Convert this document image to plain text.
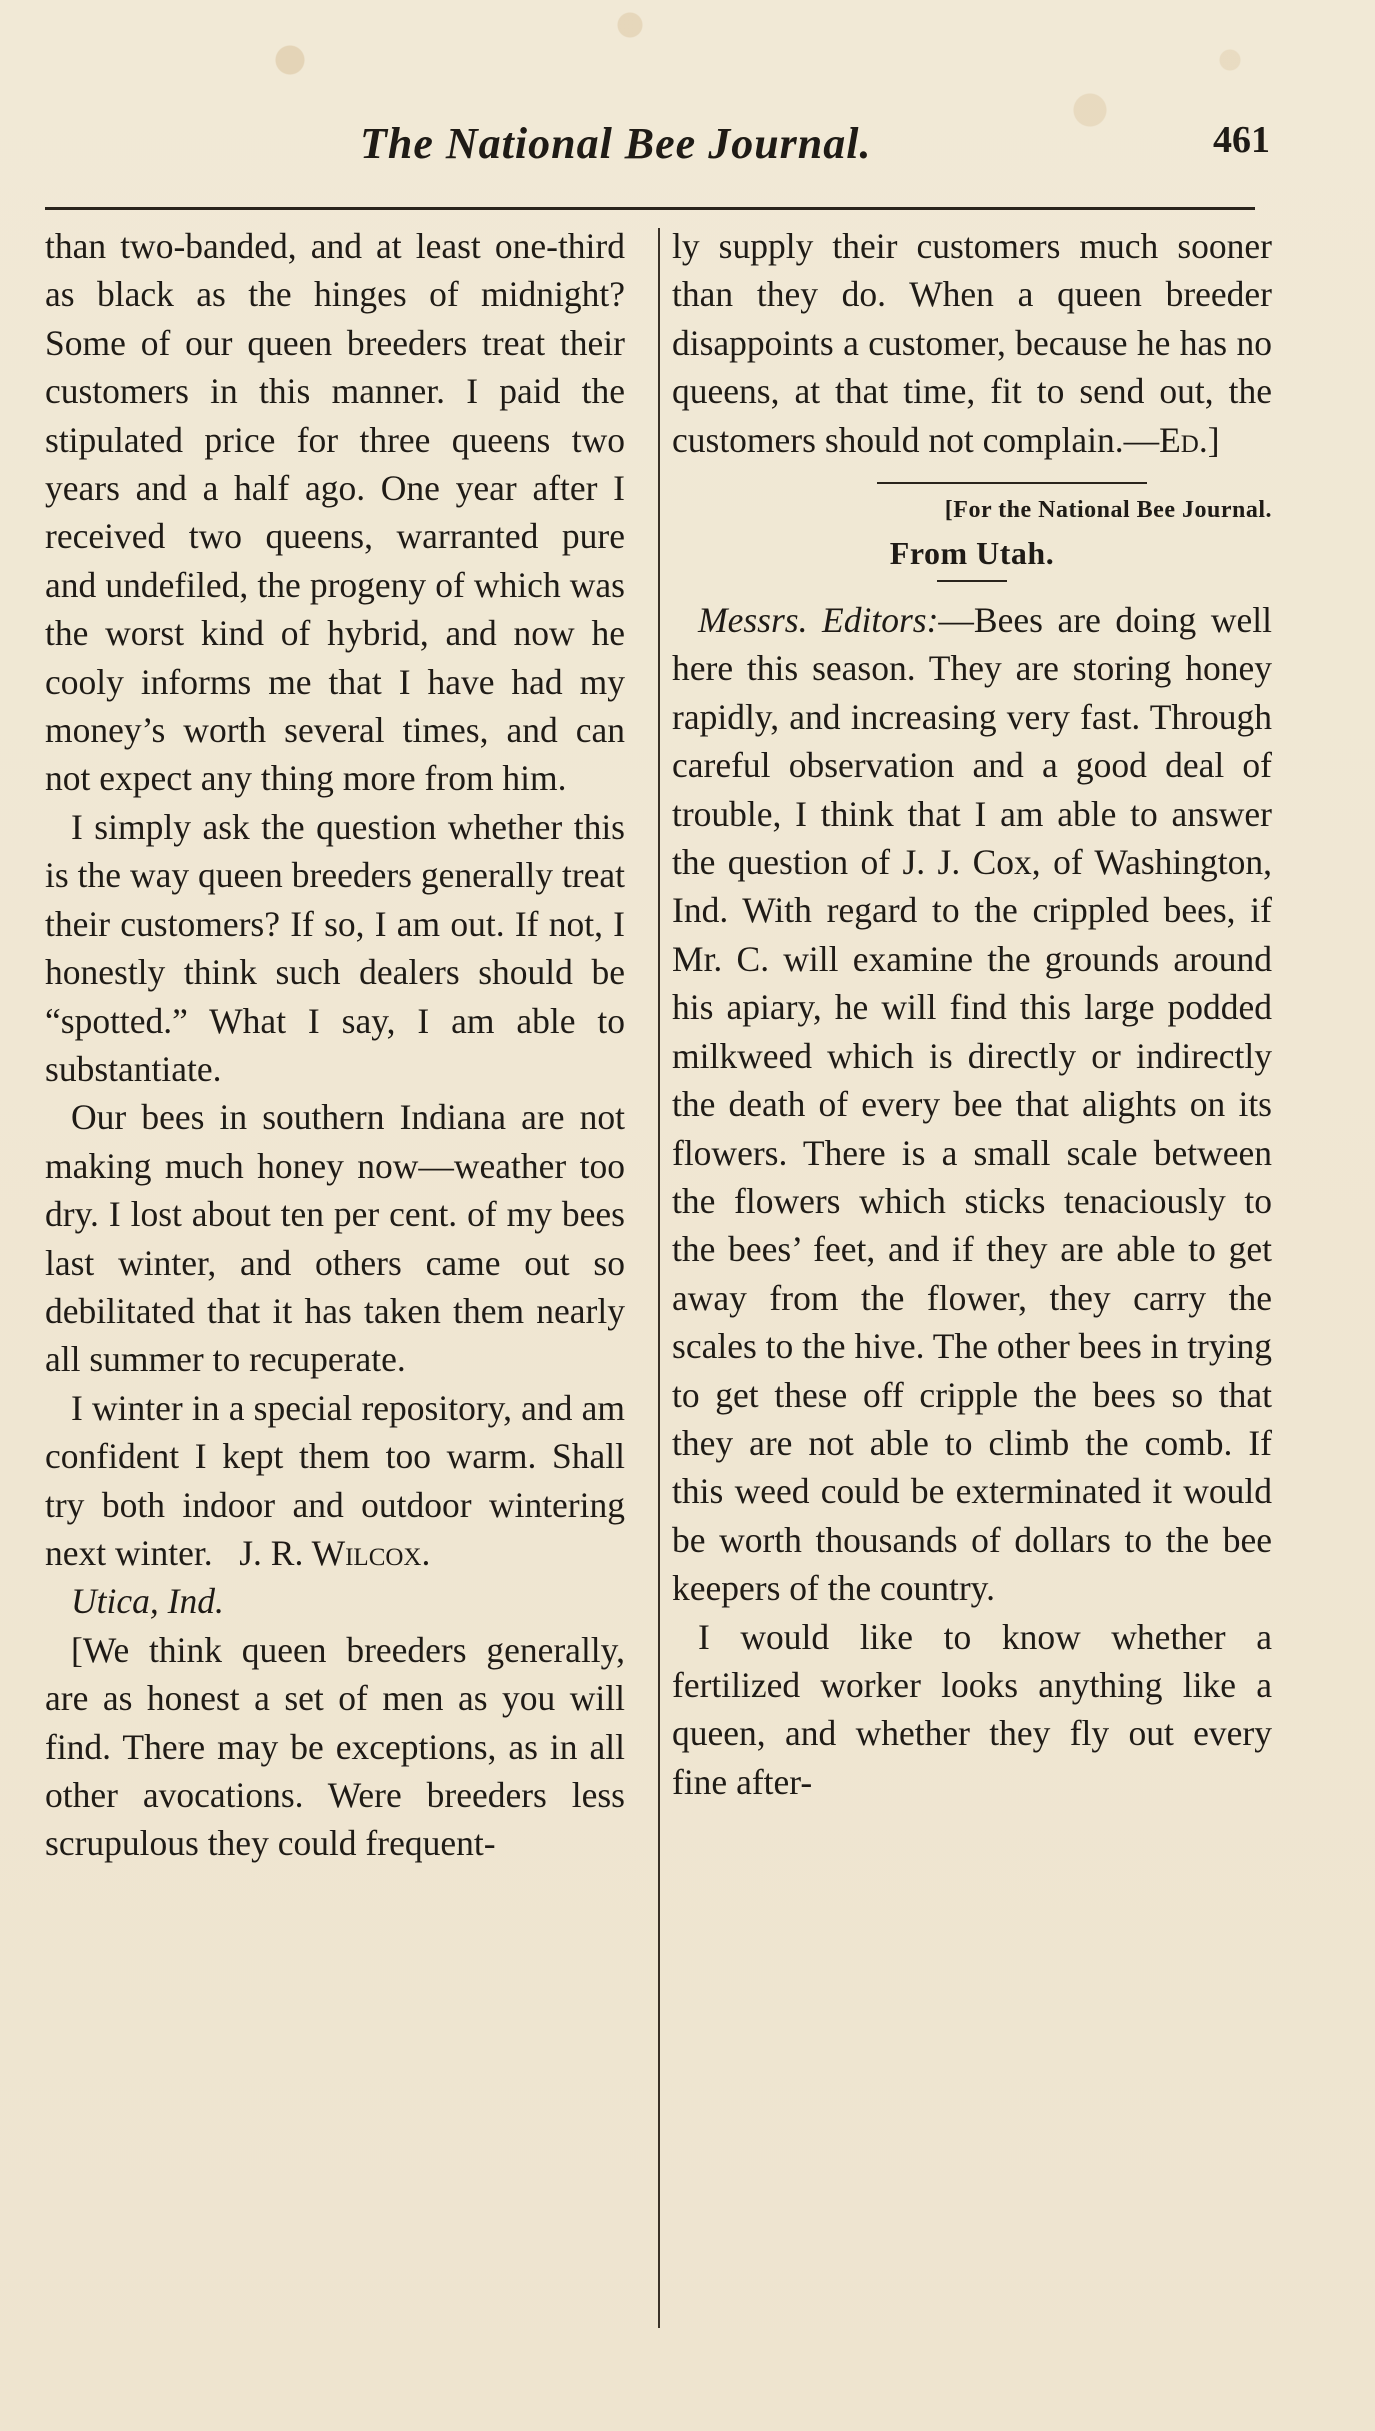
The National Bee Journal.	461

than two-banded, and at least one-third as black as the hinges of midnight? Some of our queen breeders treat their customers in this manner. I paid the stipulated price for three queens two years and a half ago. One year after I received two queens, warranted pure and undefiled, the progeny of which was the worst kind of hybrid, and now he cooly informs me that I have had my money’s worth several times, and can not expect any thing more from him.

I simply ask the question whether this is the way queen breeders generally treat their customers? If so, I am out. If not, I honestly think such dealers should be “spotted.” What I say, I am able to substantiate.

Our bees in southern Indiana are not making much honey now—weather too dry. I lost about ten per cent. of my bees last winter, and others came out so debilitated that it has taken them nearly all summer to recuperate.

I winter in a special repository, and am confident I kept them too warm. Shall try both indoor and outdoor wintering next winter. J. R. Wilcox.

Utica, Ind.

[We think queen breeders generally, are as honest a set of men as you will find. There may be exceptions, as in all other avocations. Were breeders less scrupulous they could frequent-

ly supply their customers much sooner than they do. When a queen breeder disappoints a customer, because he has no queens, at that time, fit to send out, the customers should not complain.—Ed.]

[For the National Bee Journal.
From Utah.

Messrs. Editors:—Bees are doing well here this season. They are storing honey rapidly, and increasing very fast. Through careful observation and a good deal of trouble, I think that I am able to answer the question of J. J. Cox, of Washington, Ind. With regard to the crippled bees, if Mr. C. will examine the grounds around his apiary, he will find this large podded milkweed which is directly or indirectly the death of every bee that alights on its flowers. There is a small scale between the flowers which sticks tenaciously to the bees’ feet, and if they are able to get away from the flower, they carry the scales to the hive. The other bees in trying to get these off cripple the bees so that they are not able to climb the comb. If this weed could be exterminated it would be worth thousands of dollars to the bee keepers of the country.

I would like to know whether a fertilized worker looks anything like a queen, and whether they fly out every fine after-
